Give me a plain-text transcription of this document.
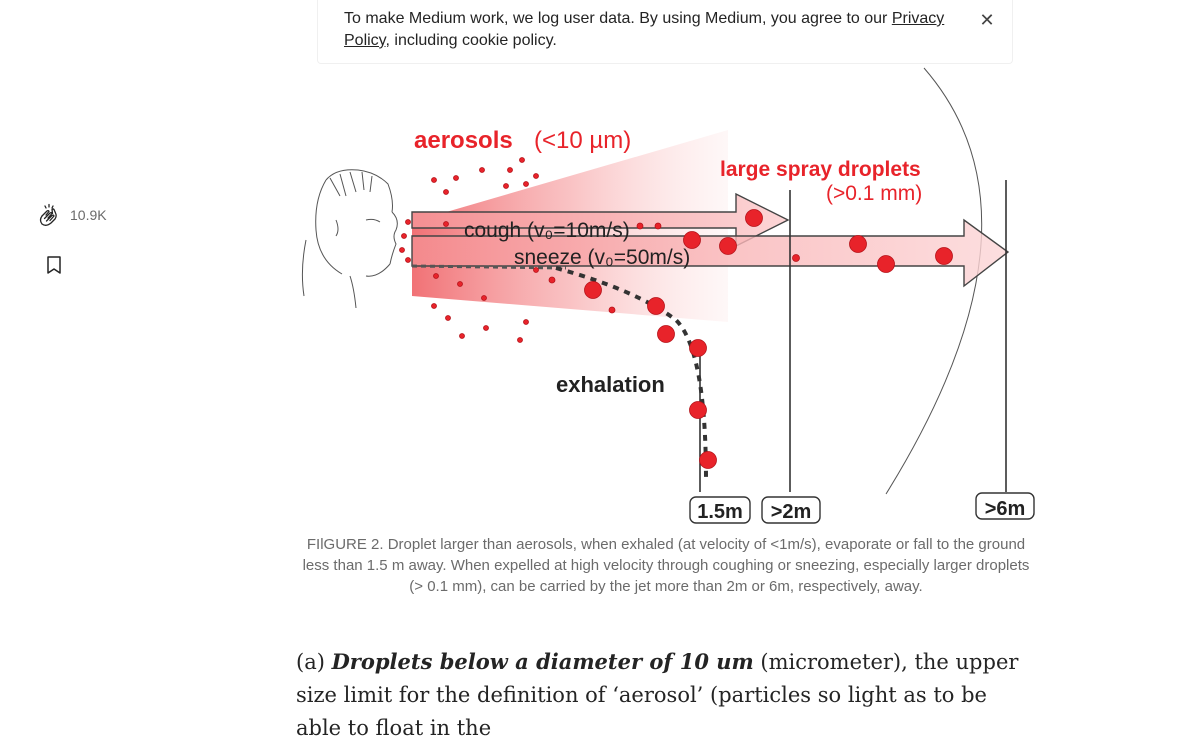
To make Medium work, we log user data. By using Medium, you agree to our Privacy Policy, including cookie policy.
✕
10.9K
aerosols (<10 µm)
large spray droplets
(>0.1 mm)
cough (v₀=10m/s)
sneeze (v₀=50m/s)
exhalation
1.5m >2m	>6m
FIlGURE 2. Droplet larger than aerosols, when exhaled (at velocity of <1m/s), evaporate or fall to the ground less than 1.5 m away. When expelled at high velocity through coughing or sneezing, especially larger droplets (> 0.1 mm), can be carried by the jet more than 2m or 6m, respectively, away.
(a) Droplets below a diameter of 10 um (micrometer), the upper size limit for the definition of ‘aerosol’ (particles so light as to be able to float in the
